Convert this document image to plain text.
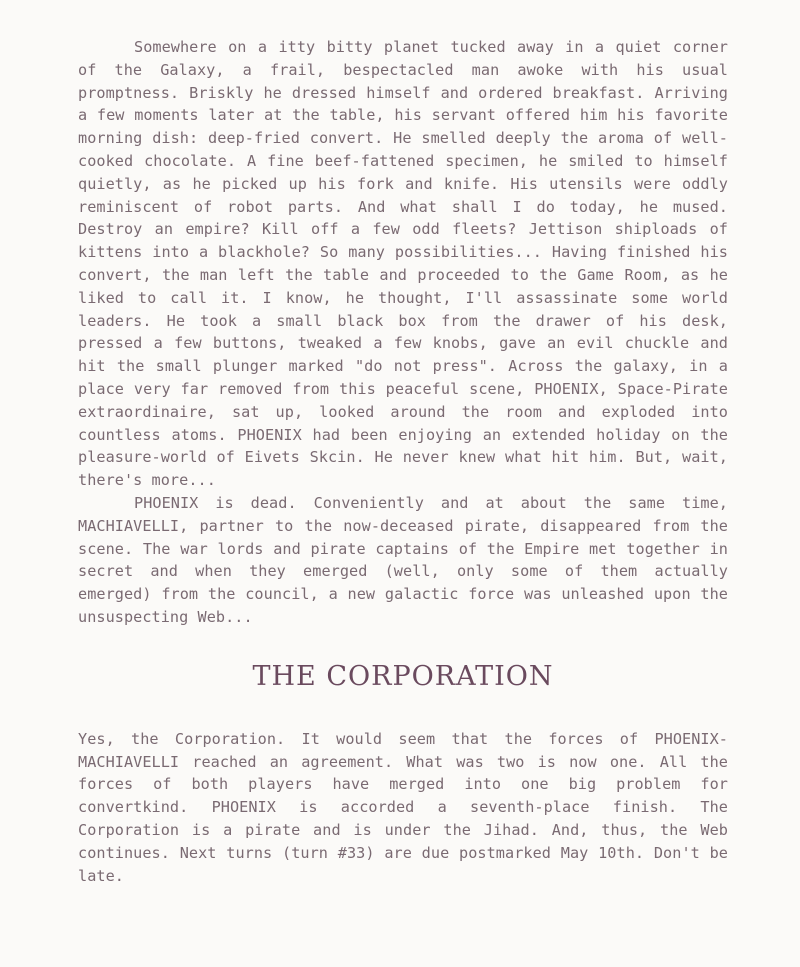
Somewhere on a itty bitty planet tucked away in a quiet corner of the Galaxy, a frail, bespectacled man awoke with his usual promptness. Briskly he dressed himself and ordered breakfast. Arriving a few moments later at the table, his servant offered him his favorite morning dish: deep-fried convert. He smelled deeply the aroma of well-cooked chocolate. A fine beef-fattened specimen, he smiled to himself quietly, as he picked up his fork and knife. His utensils were oddly reminiscent of robot parts. And what shall I do today, he mused. Destroy an empire? Kill off a few odd fleets? Jettison shiploads of kittens into a blackhole? So many possibilities... Having finished his convert, the man left the table and proceeded to the Game Room, as he liked to call it. I know, he thought, I'll assassinate some world leaders. He took a small black box from the drawer of his desk, pressed a few buttons, tweaked a few knobs, gave an evil chuckle and hit the small plunger marked "do not press". Across the galaxy, in a place very far removed from this peaceful scene, PHOENIX, Space-Pirate extraordinaire, sat up, looked around the room and exploded into countless atoms. PHOENIX had been enjoying an extended holiday on the pleasure-world of Eivets Skcin. He never knew what hit him. But, wait, there's more...

PHOENIX is dead. Conveniently and at about the same time, MACHIAVELLI, partner to the now-deceased pirate, disappeared from the scene. The war lords and pirate captains of the Empire met together in secret and when they emerged (well, only some of them actually emerged) from the council, a new galactic force was unleashed upon the unsuspecting Web...

THE CORPORATION

Yes, the Corporation. It would seem that the forces of PHOENIX-MACHIAVELLI reached an agreement. What was two is now one. All the forces of both players have merged into one big problem for convertkind. PHOENIX is accorded a seventh-place finish. The Corporation is a pirate and is under the Jihad. And, thus, the Web continues. Next turns (turn #33) are due postmarked May 10th. Don't be late.
